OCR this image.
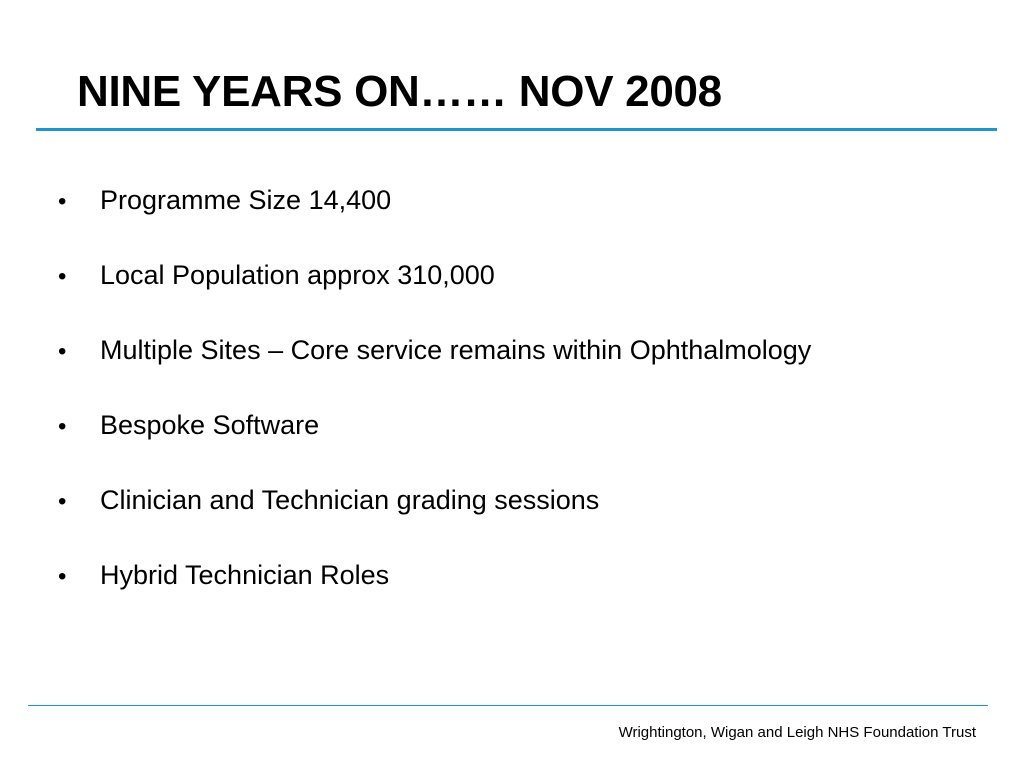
NINE YEARS ON…… NOV 2008
•	Programme Size 14,400
•	Local Population approx 310,000
•	Multiple Sites – Core service remains within Ophthalmology
•	Bespoke Software
•	Clinician and Technician grading sessions
•	Hybrid Technician Roles
Wrightington, Wigan and Leigh NHS Foundation Trust
